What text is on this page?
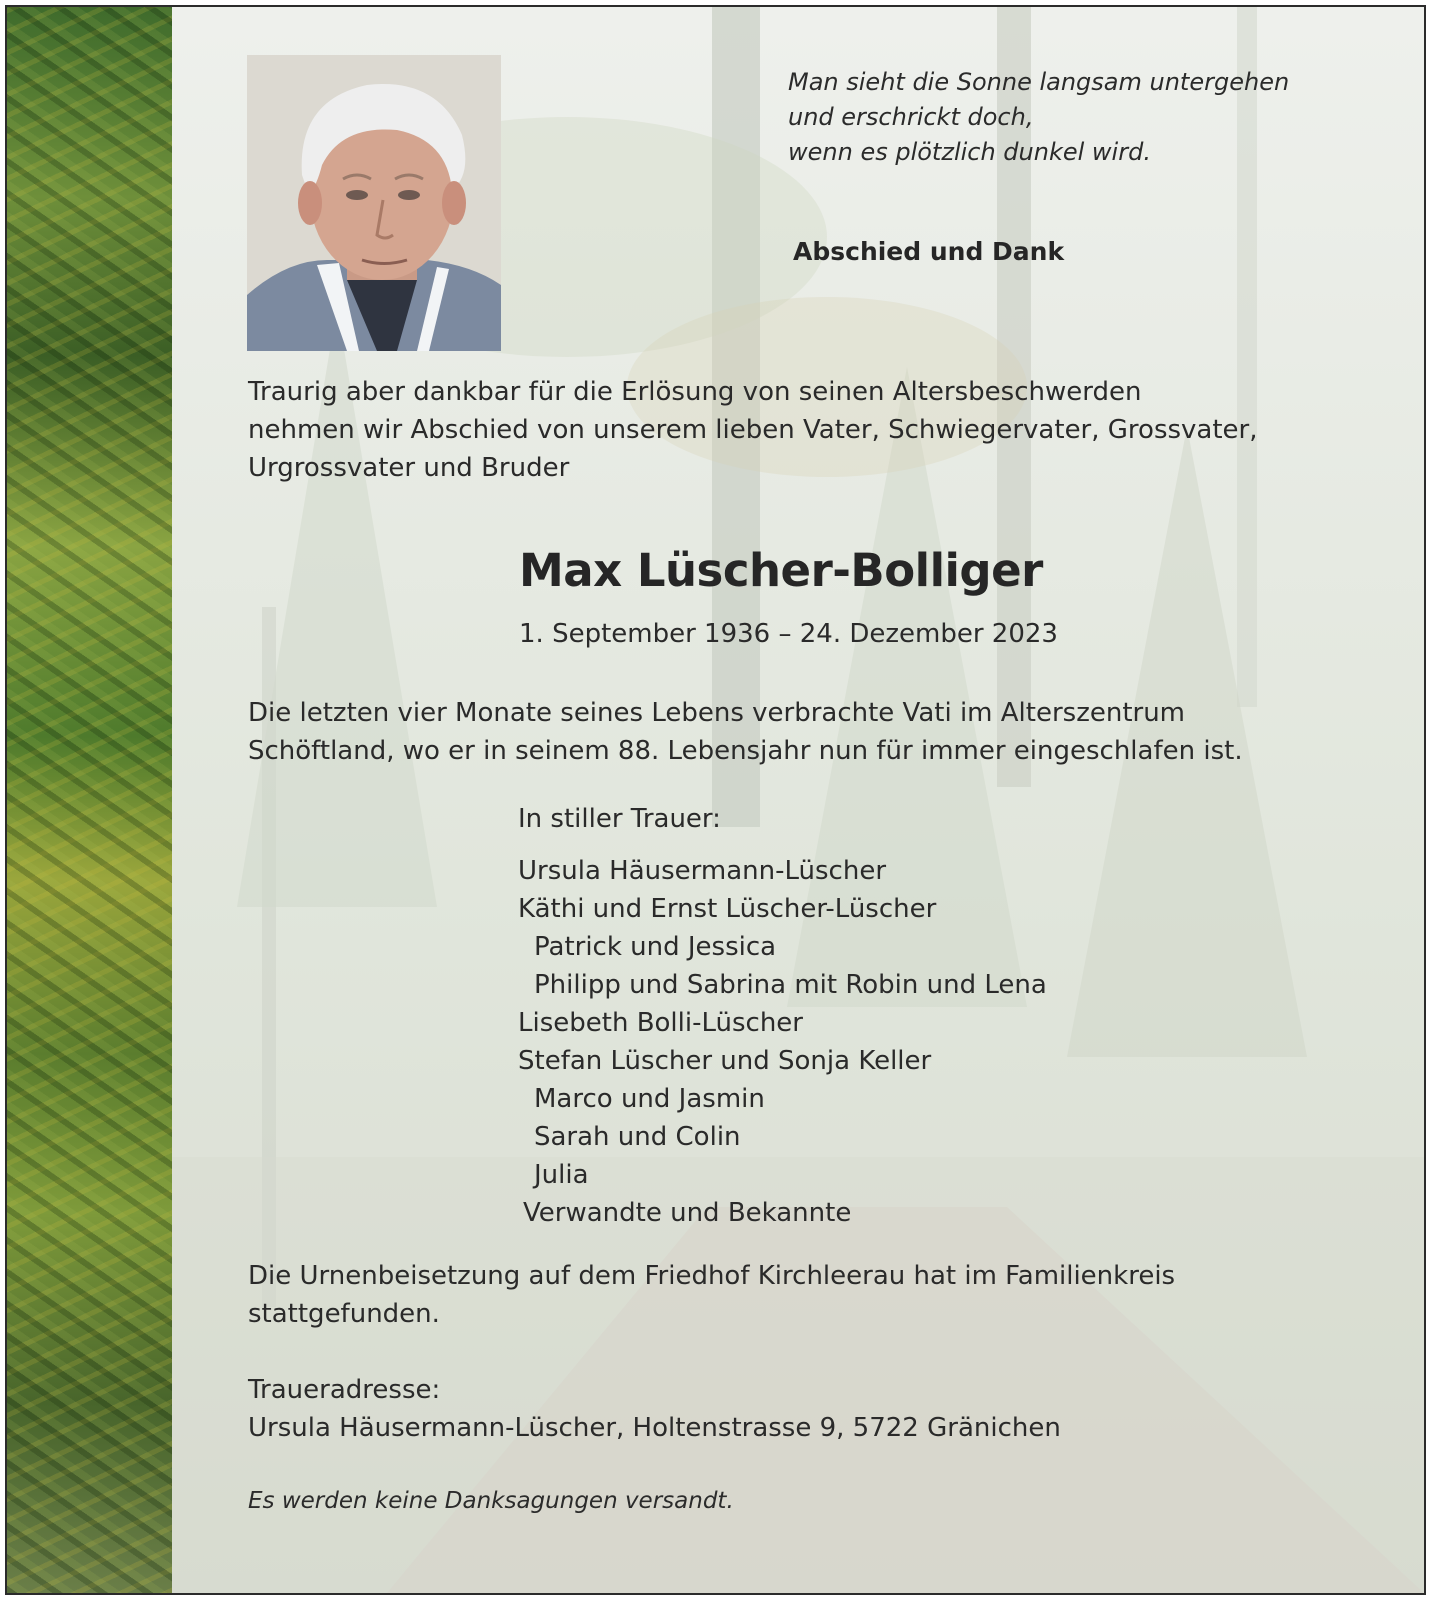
Man sieht die Sonne langsam untergehen
und erschrickt doch,
wenn es plötzlich dunkel wird.
Abschied und Dank
Traurig aber dankbar für die Erlösung von seinen Altersbeschwerden
nehmen wir Abschied von unserem lieben Vater, Schwiegervater, Grossvater,
Urgrossvater und Bruder
Max Lüscher-Bolliger
1. September 1936 – 24. Dezember 2023
Die letzten vier Monate seines Lebens verbrachte Vati im Alterszentrum
Schöftland, wo er in seinem 88. Lebensjahr nun für immer eingeschlafen ist.
In stiller Trauer:
Ursula Häusermann-Lüscher
Käthi und Ernst Lüscher-Lüscher
Patrick und Jessica
Philipp und Sabrina mit Robin und Lena
Lisebeth Bolli-Lüscher
Stefan Lüscher und Sonja Keller
Marco und Jasmin
Sarah und Colin
Julia
Verwandte und Bekannte
Die Urnenbeisetzung auf dem Friedhof Kirchleerau hat im Familienkreis
stattgefunden.
Traueradresse:
Ursula Häusermann-Lüscher, Holtenstrasse 9, 5722 Gränichen
Es werden keine Danksagungen versandt.
